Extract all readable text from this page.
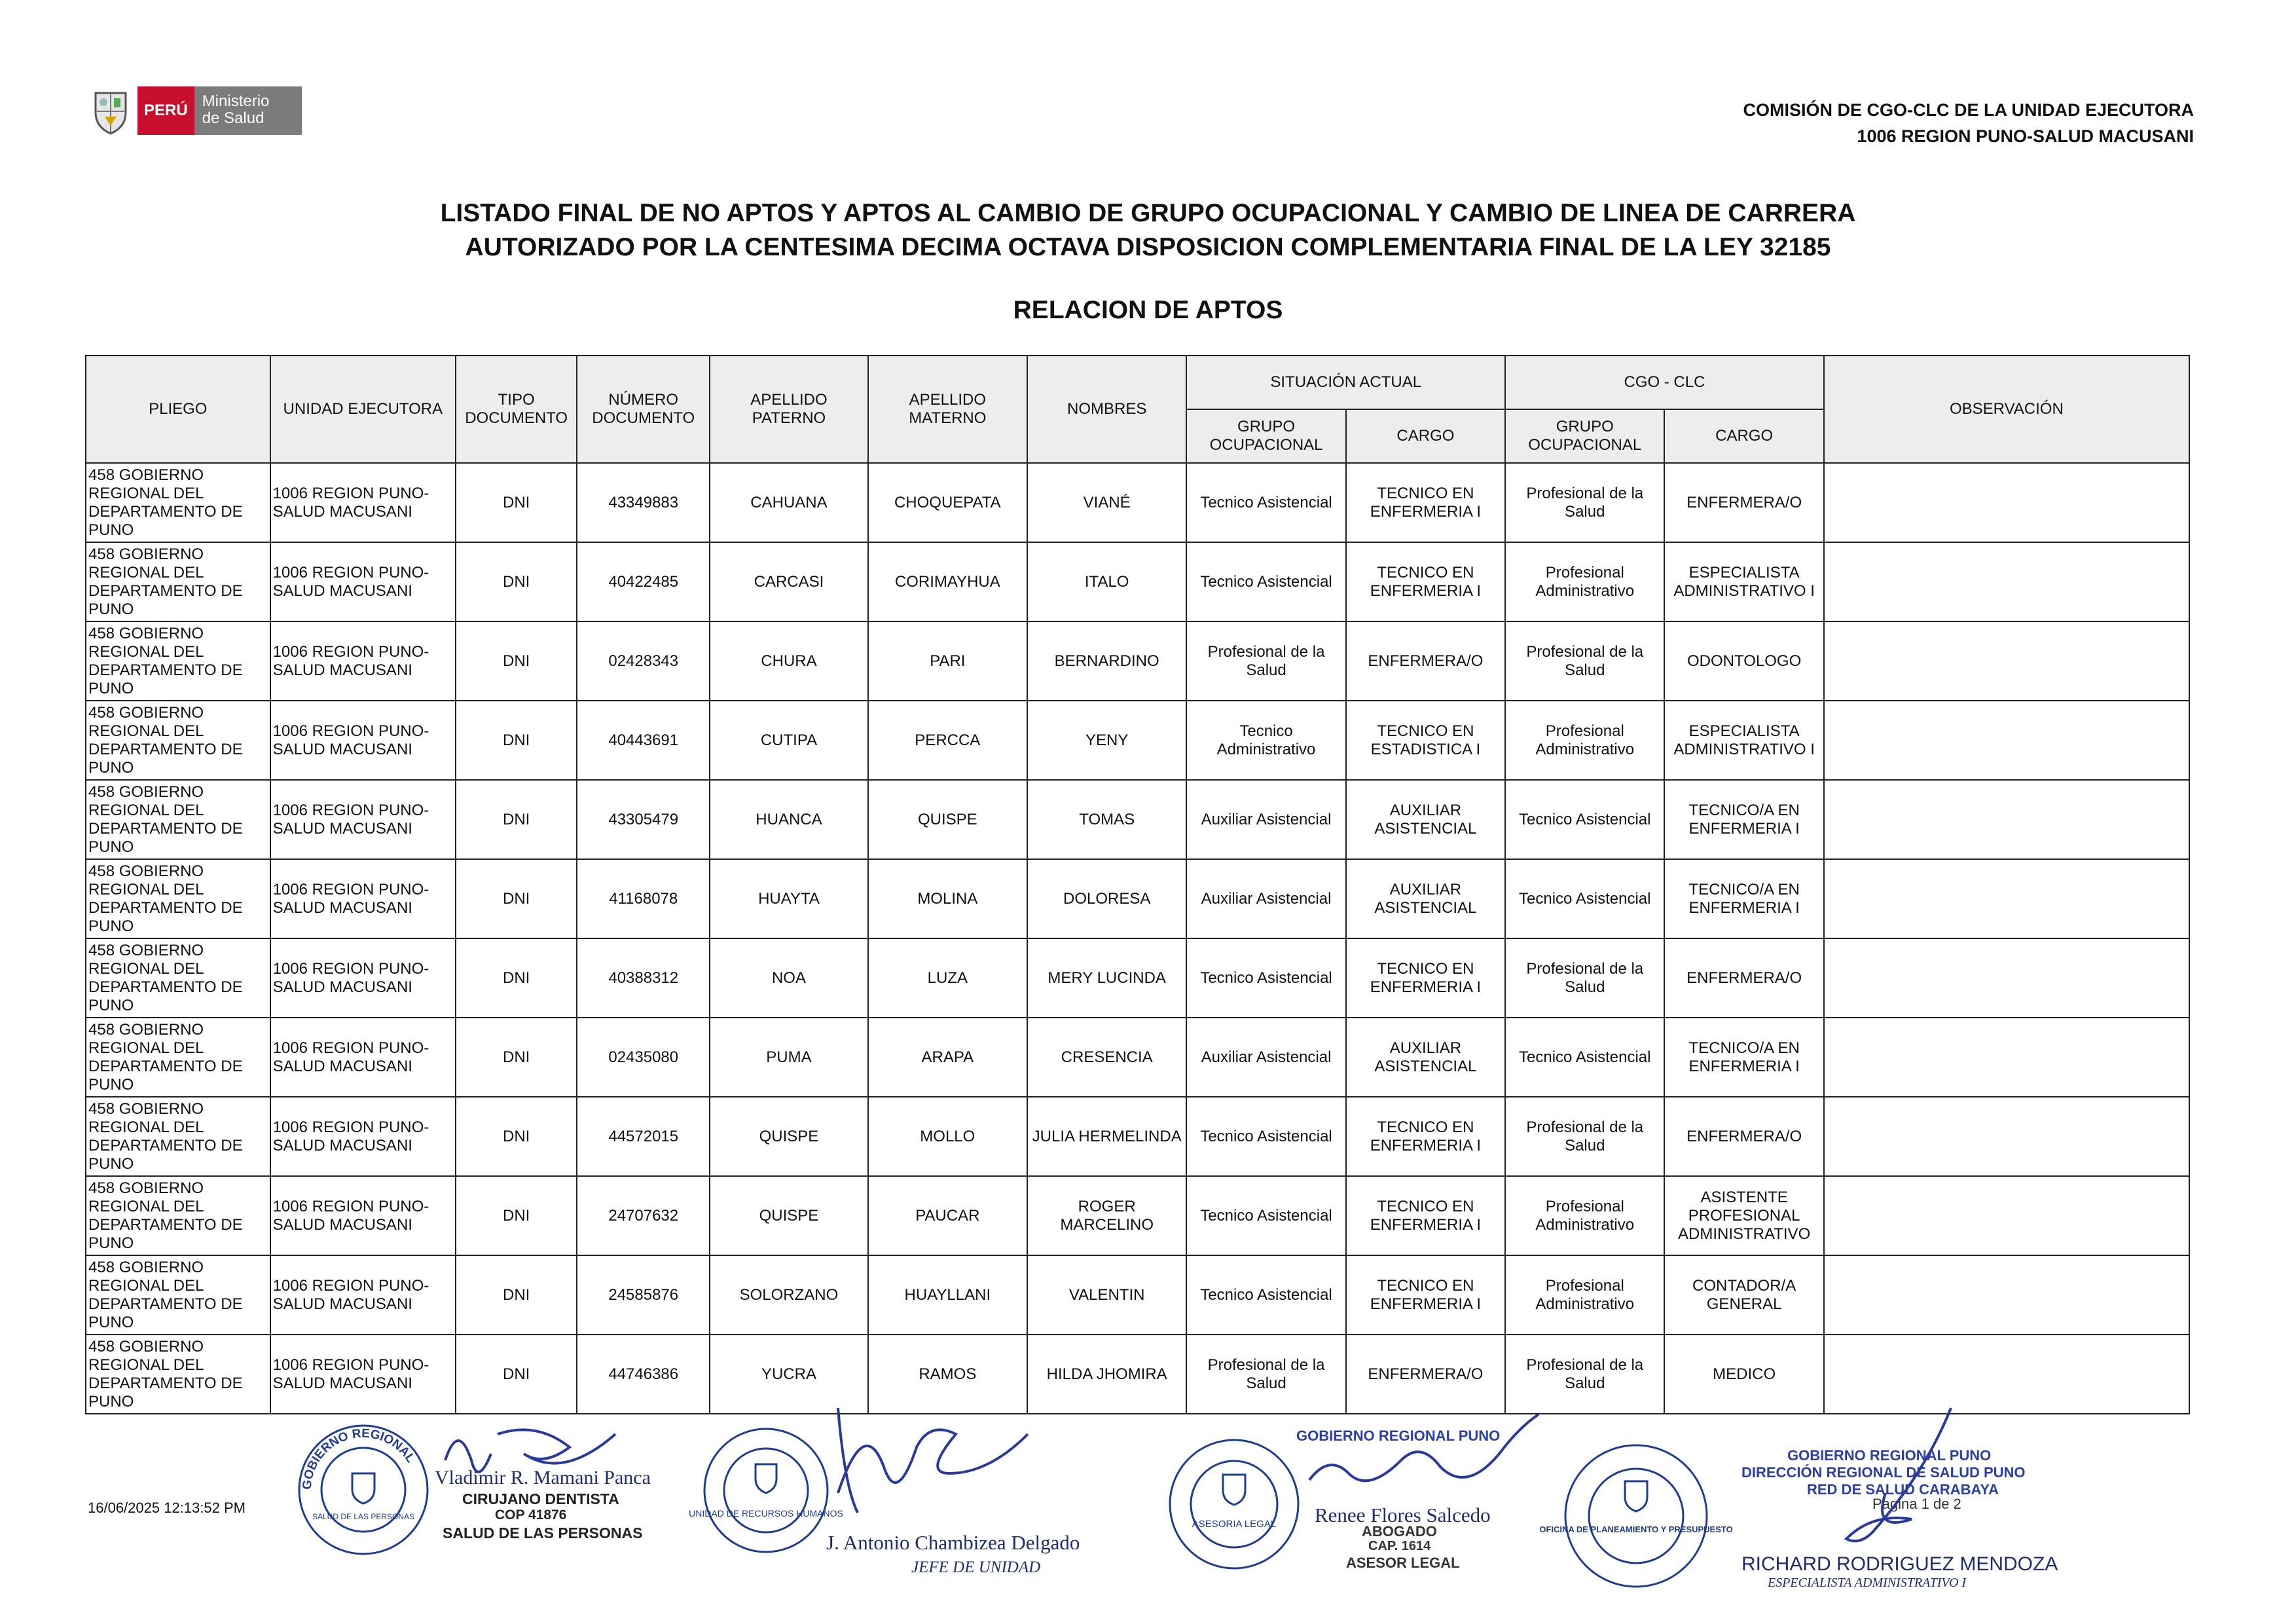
PERÚ
Ministerio
de Salud	COMISIÓN DE CGO-CLC DE LA UNIDAD EJECUTORA
1006 REGION PUNO-SALUD MACUSANI
LISTADO FINAL DE NO APTOS Y APTOS AL CAMBIO DE GRUPO OCUPACIONAL Y CAMBIO DE LINEA DE CARRERA
AUTORIZADO POR LA CENTESIMA DECIMA OCTAVA DISPOSICION COMPLEMENTARIA FINAL DE LA LEY 32185
RELACION DE APTOS
PLIEGO	UNIDAD EJECUTORA	TIPO DOCUMENTO	NÚMERO DOCUMENTO	APELLIDO PATERNO	APELLIDO MATERNO	NOMBRES	SITUACIÓN ACTUAL		CGO - CLC		OBSERVACIÓN
							GRUPO OCUPACIONAL	CARGO	GRUPO OCUPACIONAL	CARGO	
458 GOBIERNO REGIONAL DEL DEPARTAMENTO DE PUNO	1006 REGION PUNO-SALUD MACUSANI	DNI	43349883	CAHUANA	CHOQUEPATA	VIANÉ	Tecnico Asistencial	TECNICO EN ENFERMERIA I	Profesional de la Salud	ENFERMERA/O	
458 GOBIERNO REGIONAL DEL DEPARTAMENTO DE PUNO	1006 REGION PUNO-SALUD MACUSANI	DNI	40422485	CARCASI	CORIMAYHUA	ITALO	Tecnico Asistencial	TECNICO EN ENFERMERIA I	Profesional Administrativo	ESPECIALISTA ADMINISTRATIVO I	
458 GOBIERNO REGIONAL DEL DEPARTAMENTO DE PUNO	1006 REGION PUNO-SALUD MACUSANI	DNI	02428343	CHURA	PARI	BERNARDINO	Profesional de la Salud	ENFERMERA/O	Profesional de la Salud	ODONTOLOGO	
458 GOBIERNO REGIONAL DEL DEPARTAMENTO DE PUNO	1006 REGION PUNO-SALUD MACUSANI	DNI	40443691	CUTIPA	PERCCA	YENY	Tecnico Administrativo	TECNICO EN ESTADISTICA I	Profesional Administrativo	ESPECIALISTA ADMINISTRATIVO I	
458 GOBIERNO REGIONAL DEL DEPARTAMENTO DE PUNO	1006 REGION PUNO-SALUD MACUSANI	DNI	43305479	HUANCA	QUISPE	TOMAS	Auxiliar Asistencial	AUXILIAR ASISTENCIAL	Tecnico Asistencial	TECNICO/A EN ENFERMERIA I	
458 GOBIERNO REGIONAL DEL DEPARTAMENTO DE PUNO	1006 REGION PUNO-SALUD MACUSANI	DNI	41168078	HUAYTA	MOLINA	DOLORESA	Auxiliar Asistencial	AUXILIAR ASISTENCIAL	Tecnico Asistencial	TECNICO/A EN ENFERMERIA I	
458 GOBIERNO REGIONAL DEL DEPARTAMENTO DE PUNO	1006 REGION PUNO-SALUD MACUSANI	DNI	40388312	NOA	LUZA	MERY LUCINDA	Tecnico Asistencial	TECNICO EN ENFERMERIA I	Profesional de la Salud	ENFERMERA/O	
458 GOBIERNO REGIONAL DEL DEPARTAMENTO DE PUNO	1006 REGION PUNO-SALUD MACUSANI	DNI	02435080	PUMA	ARAPA	CRESENCIA	Auxiliar Asistencial	AUXILIAR ASISTENCIAL	Tecnico Asistencial	TECNICO/A EN ENFERMERIA I	
458 GOBIERNO REGIONAL DEL DEPARTAMENTO DE PUNO	1006 REGION PUNO-SALUD MACUSANI	DNI	44572015	QUISPE	MOLLO	JULIA HERMELINDA	Tecnico Asistencial	TECNICO EN ENFERMERIA I	Profesional de la Salud	ENFERMERA/O	
458 GOBIERNO REGIONAL DEL DEPARTAMENTO DE PUNO	1006 REGION PUNO-SALUD MACUSANI	DNI	24707632	QUISPE	PAUCAR	ROGER MARCELINO	Tecnico Asistencial	TECNICO EN ENFERMERIA I	Profesional Administrativo	ASISTENTE PROFESIONAL ADMINISTRATIVO	
458 GOBIERNO REGIONAL DEL DEPARTAMENTO DE PUNO	1006 REGION PUNO-SALUD MACUSANI	DNI	24585876	SOLORZANO	HUAYLLANI	VALENTIN	Tecnico Asistencial	TECNICO EN ENFERMERIA I	Profesional Administrativo	CONTADOR/A GENERAL	
458 GOBIERNO REGIONAL DEL DEPARTAMENTO DE PUNO	1006 REGION PUNO-SALUD MACUSANI	DNI	44746386	YUCRA	RAMOS	HILDA JHOMIRA	Profesional de la Salud	ENFERMERA/O	Profesional de la Salud	MEDICO	
16/06/2025 12:13:52 PM
GOBIERNO REGIONAL
SALUD DE LAS PERSONAS
Vladimir R. Mamani Panca
CIRUJANO DENTISTA
COP 41876
SALUD DE LAS PERSONAS
UNIDAD DE RECURSOS HUMANOS
J. Antonio Chambizea Delgado
JEFE DE UNIDAD
ASESORIA LEGAL
GOBIERNO REGIONAL PUNO
Renee Flores Salcedo
ABOGADO
CAP. 1614
ASESOR LEGAL
OFICINA DE PLANEAMIENTO Y PRESUPUESTO
GOBIERNO REGIONAL PUNO
DIRECCIÓN REGIONAL DE SALUD PUNO
RED DE SALUD CARABAYA
Pagina 1 de 2
RICHARD RODRIGUEZ MENDOZA
ESPECIALISTA ADMINISTRATIVO I
